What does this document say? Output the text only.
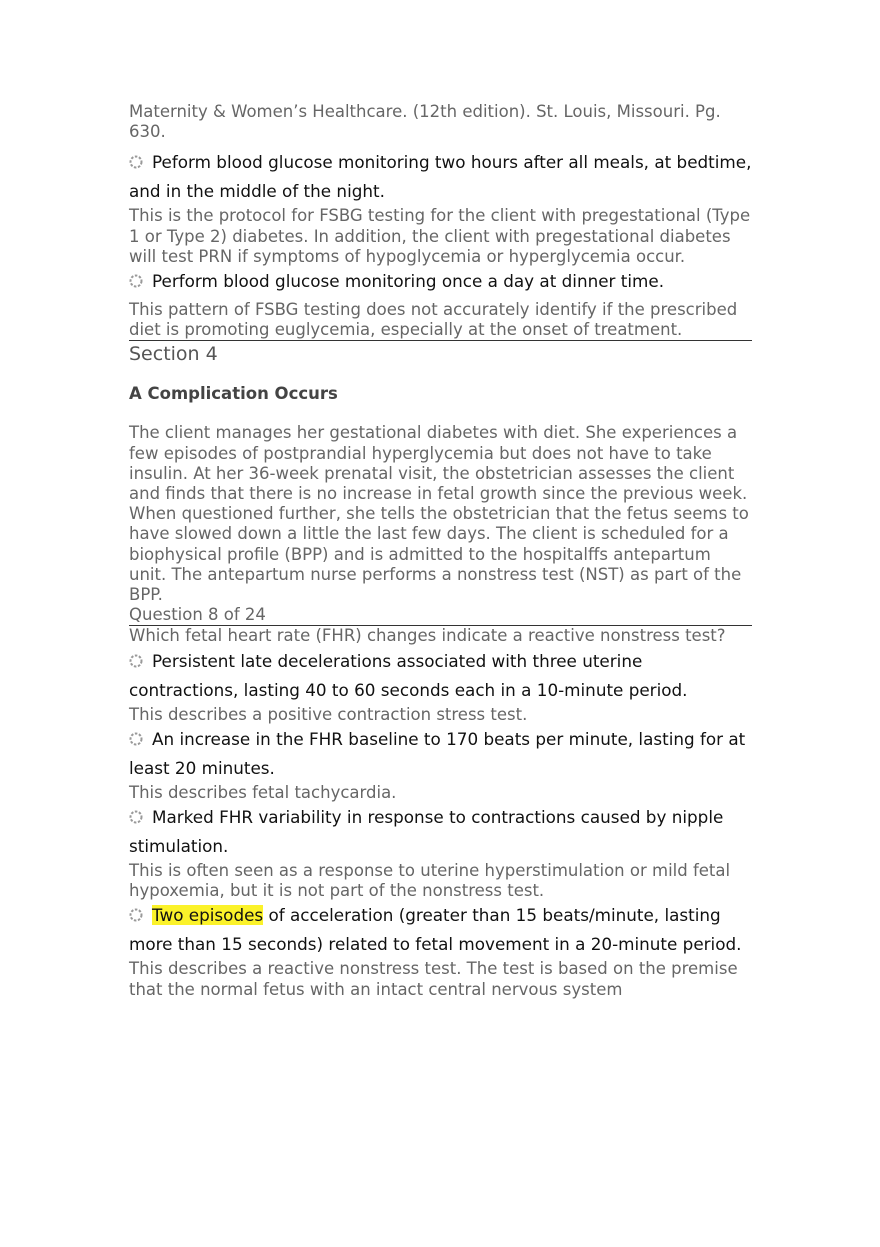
Maternity & Women’s Healthcare. (12th edition). St. Louis, Missouri. Pg. 630.
Peform blood glucose monitoring two hours after all meals, at bedtime, and in the middle of the night.
This is the protocol for FSBG testing for the client with pregestational (Type 1 or Type 2) diabetes. In addition, the client with pregestational diabetes will test PRN if symptoms of hypoglycemia or hyperglycemia occur.
Perform blood glucose monitoring once a day at dinner time.
This pattern of FSBG testing does not accurately identify if the prescribed diet is promoting euglycemia, especially at the onset of treatment.
Section 4
A Complication Occurs
The client manages her gestational diabetes with diet. She experiences a few episodes of postprandial hyperglycemia but does not have to take insulin. At her 36-week prenatal visit, the obstetrician assesses the client and finds that there is no increase in fetal growth since the previous week. When questioned further, she tells the obstetrician that the fetus seems to have slowed down a little the last few days. The client is scheduled for a biophysical profile (BPP) and is admitted to the hospitalffs antepartum unit. The antepartum nurse performs a nonstress test (NST) as part of the BPP.
Question 8 of 24
Which fetal heart rate (FHR) changes indicate a reactive nonstress test?
Persistent late decelerations associated with three uterine contractions, lasting 40 to 60 seconds each in a 10-minute period.
This describes a positive contraction stress test.
An increase in the FHR baseline to 170 beats per minute, lasting for at least 20 minutes.
This describes fetal tachycardia.
Marked FHR variability in response to contractions caused by nipple stimulation.
This is often seen as a response to uterine hyperstimulation or mild fetal hypoxemia, but it is not part of the nonstress test.
Two episodes of acceleration (greater than 15 beats/minute, lasting more than 15 seconds) related to fetal movement in a 20-minute period.
This describes a reactive nonstress test. The test is based on the premise that the normal fetus with an intact central nervous system
